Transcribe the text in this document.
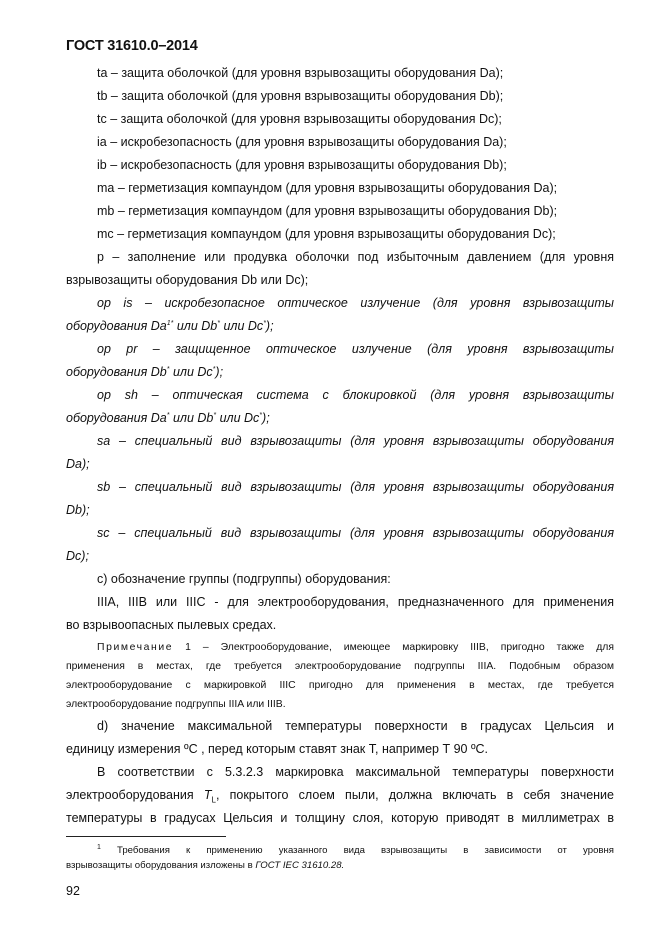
ГОСТ 31610.0–2014
ta – защита оболочкой (для уровня взрывозащиты оборудования Da);
tb – защита оболочкой (для уровня взрывозащиты оборудования Db);
tc – защита оболочкой (для уровня взрывозащиты оборудования Dc);
ia – искробезопасность (для уровня взрывозащиты оборудования Da);
ib – искробезопасность (для уровня взрывозащиты оборудования Db);
ma – герметизация компаундом (для уровня взрывозащиты оборудования Da);
mb – герметизация компаундом (для уровня взрывозащиты оборудования Db);
mc – герметизация компаундом (для уровня взрывозащиты оборудования Dc);
p – заполнение или продувка оболочки под избыточным давлением (для уровня
взрывозащиты оборудования Db или Dc);
op is – искробезопасное оптическое излучение (для уровня взрывозащиты
оборудования $Da^{1*}$ или Db* или Dc*);
op pr – защищенное оптическое излучение (для уровня взрывозащиты
оборудования Db* или Dc*);
op sh – оптическая система с блокировкой (для уровня взрывозащиты
оборудования Da* или Db* или Dc*);
sa – специальный вид взрывозащиты (для уровня взрывозащиты оборудования
Da);
sb – специальный вид взрывозащиты (для уровня взрывозащиты оборудования
Db);
sc – специальный вид взрывозащиты (для уровня взрывозащиты оборудования
Dc);
с) обозначение группы (подгруппы) оборудования:
IIIA, IIIB или IIIC - для электрооборудования, предназначенного для применения
во взрывоопасных пылевых средах.
Примечание 1 – Электрооборудование, имеющее маркировку IIIB, пригодно также для
применения в местах, где требуется электрооборудование подгруппы IIIA. Подобным образом
электрооборудование с маркировкой IIIC пригодно для применения в местах, где требуется
электрооборудование подгруппы IIIA или IIIB.
d) значение максимальной температуры поверхности в градусах Цельсия и
единицу измерения ºС , перед которым ставят знак Т, например Т 90 ºС.
В соответствии с 5.3.2.3 маркировка максимальной температуры поверхности
электрооборудования $T_L$, покрытого слоем пыли, должна включать в себя значение
температуры в градусах Цельсия и толщину слоя, которую приводят в миллиметрах в
$^1$ Требования к применению указанного вида взрывозащиты в зависимости от уровня
взрывозащиты оборудования изложены в ГОСТ IEC 31610.28.
92
